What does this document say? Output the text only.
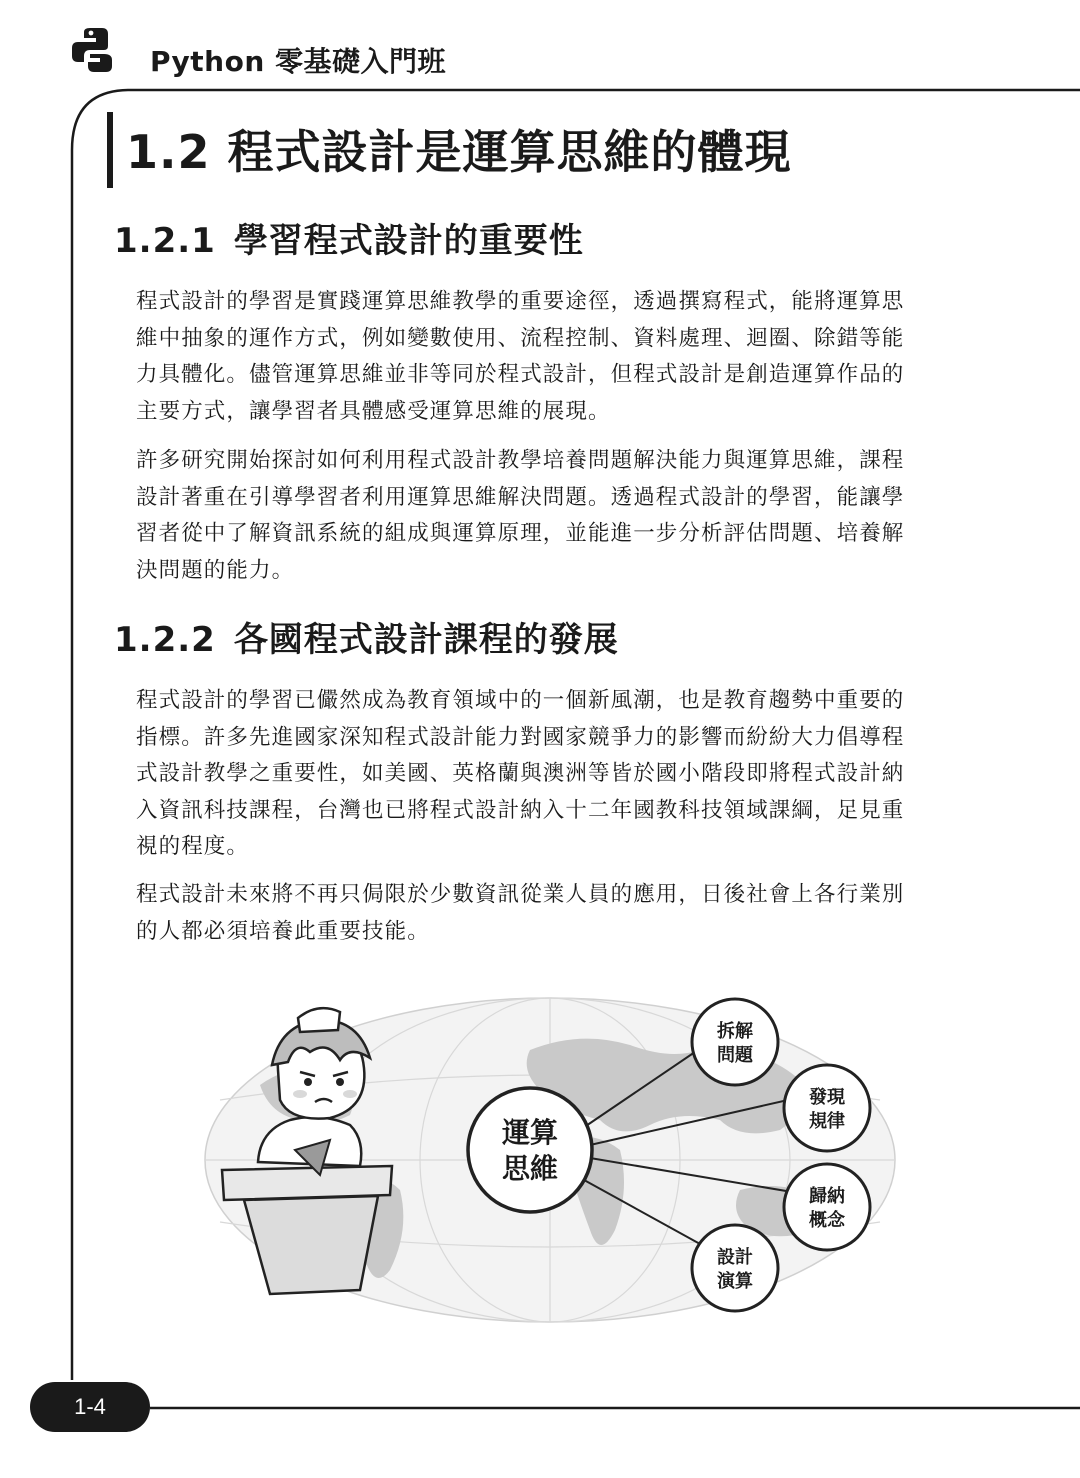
Python 零基礎入門班
1.2 程式設計是運算思維的體現
1.2.1 學習程式設計的重要性
程式設計的學習是實踐運算思維教學的重要途徑，透過撰寫程式，能將運算思
維中抽象的運作方式，例如變數使用、流程控制、資料處理、迴圈、除錯等能
力具體化。儘管運算思維並非等同於程式設計，但程式設計是創造運算作品的
主要方式，讓學習者具體感受運算思維的展現。
許多研究開始探討如何利用程式設計教學培養問題解決能力與運算思維，課程
設計著重在引導學習者利用運算思維解決問題。透過程式設計的學習，能讓學
習者從中了解資訊系統的組成與運算原理，並能進一步分析評估問題、培養解
決問題的能力。
1.2.2 各國程式設計課程的發展
程式設計的學習已儼然成為教育領域中的一個新風潮，也是教育趨勢中重要的
指標。許多先進國家深知程式設計能力對國家競爭力的影響而紛紛大力倡導程
式設計教學之重要性，如美國、英格蘭與澳洲等皆於國小階段即將程式設計納
入資訊科技課程，台灣也已將程式設計納入十二年國教科技領域課綱，足見重
視的程度。
程式設計未來將不再只侷限於少數資訊從業人員的應用，日後社會上各行業別
的人都必須培養此重要技能。
運算
思維
拆解
問題
發現
規律
歸納
概念
設計
演算
1-4
